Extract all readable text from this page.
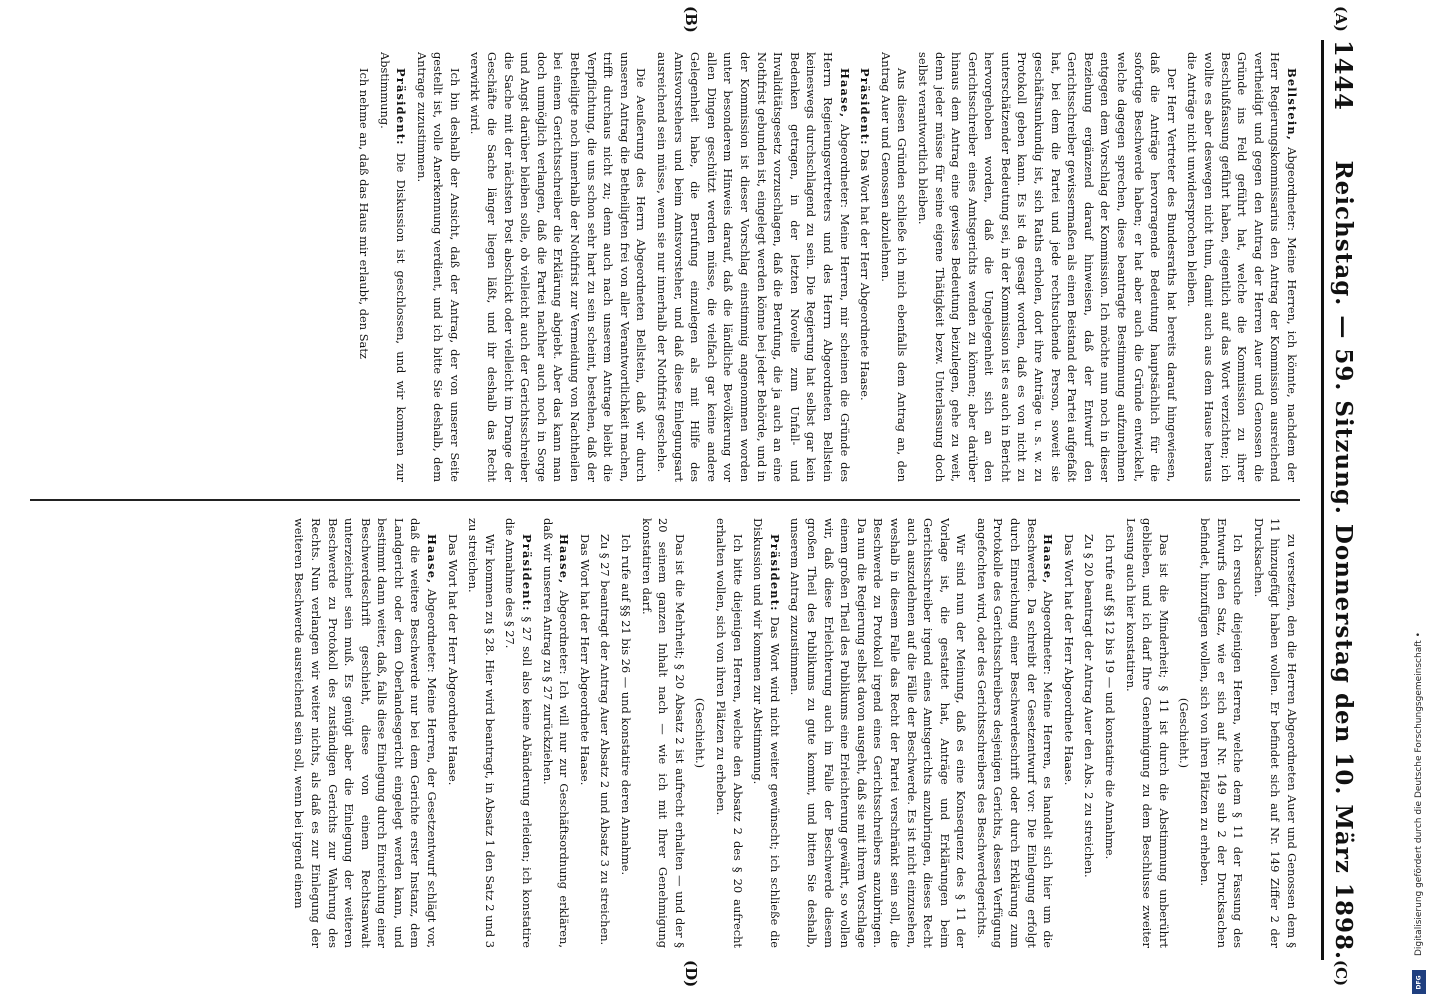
1444
Reichstag. — 59. Sitzung. Donnerstag den 10. März 1898.
(A)
(B)
(C)
(D)

Bellstein, Abgeordneter: Meine Herren, ich könnte, nachdem der Herr Regierungskommissarius den Antrag der Kommission ausreichend vertheidigt und gegen den Antrag der Herren Auer und Genossen die Gründe ins Feld geführt hat, welche die Kommission zu ihrer Beschlußfassung geführt haben, eigentlich auf das Wort verzichten; ich wollte es aber deswegen nicht thun, damit auch aus dem Hause heraus die Anträge nicht unwidersprochen bleiben.

Der Herr Vertreter des Bundesraths hat bereits darauf hingewiesen, daß die Anträge hervorragende Bedeutung hauptsächlich für die sofortige Beschwerde haben; er hat aber auch die Gründe entwickelt, welche dagegen sprechen, diese beantragte Bestimmung aufzunehmen entgegen dem Vorschlag der Kommission. Ich möchte nun noch in dieser Beziehung ergänzend darauf hinweisen, daß der Entwurf den Gerichtsschreiber gewissermaßen als einen Beistand der Partei aufgefaßt hat, bei dem die Partei und jede rechtsuchende Person, soweit sie geschäftsunkundig ist, sich Raths erholen, dort ihre Anträge u. s. w. zu Protokoll geben kann. Es ist da gesagt worden, daß es von nicht zu unterschätzender Bedeutung sei, in der Kommission ist es auch in Bericht hervorgehoben worden, daß die Ungelegenheit sich an den Gerichtsschreiber eines Amtsgerichts wenden zu können; aber darüber hinaus dem Antrag eine gewisse Bedeutung beizulegen, gehe zu weit, denn jeder müsse für seine eigene Thätigkeit bezw. Unterlassung doch selbst verantwortlich bleiben.

Aus diesen Gründen schließe ich mich ebenfalls dem Antrag an, den Antrag Auer und Genossen abzulehnen.

Präsident: Das Wort hat der Herr Abgeordnete Haase.

Haase, Abgeordneter: Meine Herren, mir scheinen die Gründe des Herrn Regierungsvertreters und des Herrn Abgeordneten Bellstein keineswegs durchschlagend zu sein. Die Regierung hat selbst gar kein Bedenken getragen, in der letzten Novelle zum Unfall- und Invaliditätsgesetz vorzuschlagen, daß die Berufung, die ja auch an eine Nothfrist gebunden ist, eingelegt werden könne bei jeder Behörde, und in der Kommission ist dieser Vorschlag einstimmig angenommen worden unter besonderem Hinweis darauf, daß die ländliche Bevölkerung vor allen Dingen geschützt werden müsse, die vielfach gar keine andere Gelegenheit habe, die Berufung einzulegen als mit Hilfe des Amtsvorstehers und beim Amtsvorsteher, und daß diese Einlegungsart ausreichend sein müsse, wenn sie nur innerhalb der Nothfrist geschehe.

Die Aeußerung des Herrn Abgeordneten Bellstein, daß wir durch unseren Antrag die Betheiligten frei von aller Verantwortlichkeit machen, trifft durchaus nicht zu; denn auch nach unserem Antrage bleibt die Verpflichtung, die uns schon sehr hart zu sein scheint, bestehen, daß der Betheiligte noch innerhalb der Nothfrist zur Vermeidung von Nachtheilen bei einem Gerichtsschreiber die Erklärung abgiebt. Aber das kann man doch unmöglich verlangen, daß die Partei nachher auch noch in Sorge und Angst darüber bleiben solle, ob vielleicht auch der Gerichtsschreiber die Sache mit der nächsten Post abschickt oder vielleicht im Drange der Geschäfte die Sache länger liegen läßt, und ihr deshalb das Recht verwirkt wird.

Ich bin deshalb der Ansicht, daß der Antrag, der von unserer Seite gestellt ist, volle Anerkennung verdient, und ich bitte Sie deshalb, dem Antrage zuzustimmen.

Präsident: Die Diskussion ist geschlossen, und wir kommen zur Abstimmung.

Ich nehme an, daß das Haus mir erlaubt, den Satz

zu versetzen, den die Herren Abgeordneten Auer und Genossen dem § 11 hinzugefügt haben wollen. Er befindet sich auf Nr. 149 Ziffer 2 der Drucksachen.

Ich ersuche diejenigen Herren, welche dem § 11 der Fassung des Entwurfs den Satz, wie er sich auf Nr. 149 sub 2 der Drucksachen befindet, hinzufügen wollen, sich von ihren Plätzen zu erheben.

(Geschieht.)

Das ist die Minderheit; § 11 ist durch die Abstimmung unberührt geblieben, und ich darf Ihre Genehmigung zu dem Beschlusse zweiter Lesung auch hier konstatiren.

Ich rufe auf §§ 12 bis 19 — und konstatire die Annahme.

Zu § 20 beantragt der Antrag Auer den Abs. 2 zu streichen.

Das Wort hat der Herr Abgeordnete Haase.

Haase, Abgeordneter: Meine Herren, es handelt sich hier um die Beschwerde. Da schreibt der Gesetzentwurf vor: Die Einlegung erfolgt durch Einreichung einer Beschwerdeschrift oder durch Erklärung zum Protokolle des Gerichtsschreibers desjenigen Gerichts, dessen Verfügung angefochten wird, oder des Gerichtsschreibers des Beschwerdegerichts.

Wir sind nun der Meinung, daß es eine Konsequenz des § 11 der Vorlage ist, die gestattet hat, Anträge und Erklärungen beim Gerichtsschreiber irgend eines Amtsgerichts anzubringen, dieses Recht auch auszudehnen auf die Fälle der Beschwerde. Es ist nicht einzusehen, weshalb in diesem Falle das Recht der Partei verschränkt sein soll, die Beschwerde zu Protokoll irgend eines Gerichtsschreibers anzubringen. Da nun die Regierung selbst davon ausgeht, daß sie mit ihrem Vorschlage einem großen Theil des Publikums eine Erleichterung gewährt, so wollen wir, daß diese Erleichterung auch im Falle der Beschwerde diesem großen Theil des Publikums zu gute kommt, und bitten Sie deshalb, unserem Antrag zuzustimmen.

Präsident: Das Wort wird nicht weiter gewünscht; ich schließe die Diskussion und wir kommen zur Abstimmung.

Ich bitte diejenigen Herren, welche den Absatz 2 des § 20 aufrecht erhalten wollen, sich von ihren Plätzen zu erheben.

(Geschieht.)

Das ist die Mehrheit; § 20 Absatz 2 ist aufrecht erhalten — und der § 20 seinem ganzen Inhalt nach — wie ich mit Ihrer Genehmigung konstatiren darf.

Ich rufe auf §§ 21 bis 26 — und konstatire deren Annahme.

Zu § 27 beantragt der Antrag Auer Absatz 2 und Absatz 3 zu streichen.

Das Wort hat der Herr Abgeordnete Haase.

Haase, Abgeordneter: Ich will nur zur Geschäftsordnung erklären, daß wir unseren Antrag zu § 27 zurückziehen.

Präsident: § 27 soll also keine Abänderung erleiden; ich konstatire die Annahme des § 27.

Wir kommen zu § 28. Hier wird beantragt, in Absatz 1 den Satz 2 und 3 zu streichen.

Das Wort hat der Herr Abgeordnete Haase.

Haase, Abgeordneter: Meine Herren, der Gesetzentwurf schlägt vor, daß die weitere Beschwerde nur bei dem Gerichte erster Instanz, dem Landgericht oder dem Oberlandesgericht eingelegt werden kann, und bestimmt dann weiter, daß, falls diese Einlegung durch Einreichung einer Beschwerdeschrift geschieht, diese von einem Rechtsanwalt unterzeichnet sein muß. Es genügt aber die Einlegung der weiteren Beschwerde zu Protokoll des zuständigen Gerichts zur Wahrung des Rechts. Nun verlangen wir weiter nichts, als daß es zur Einlegung der weiteren Beschwerde ausreichend sein soll, wenn bei irgend einem	Digitalisierung gefördert durch die Deutsche Forschungsgemeinschaft •
DFG
